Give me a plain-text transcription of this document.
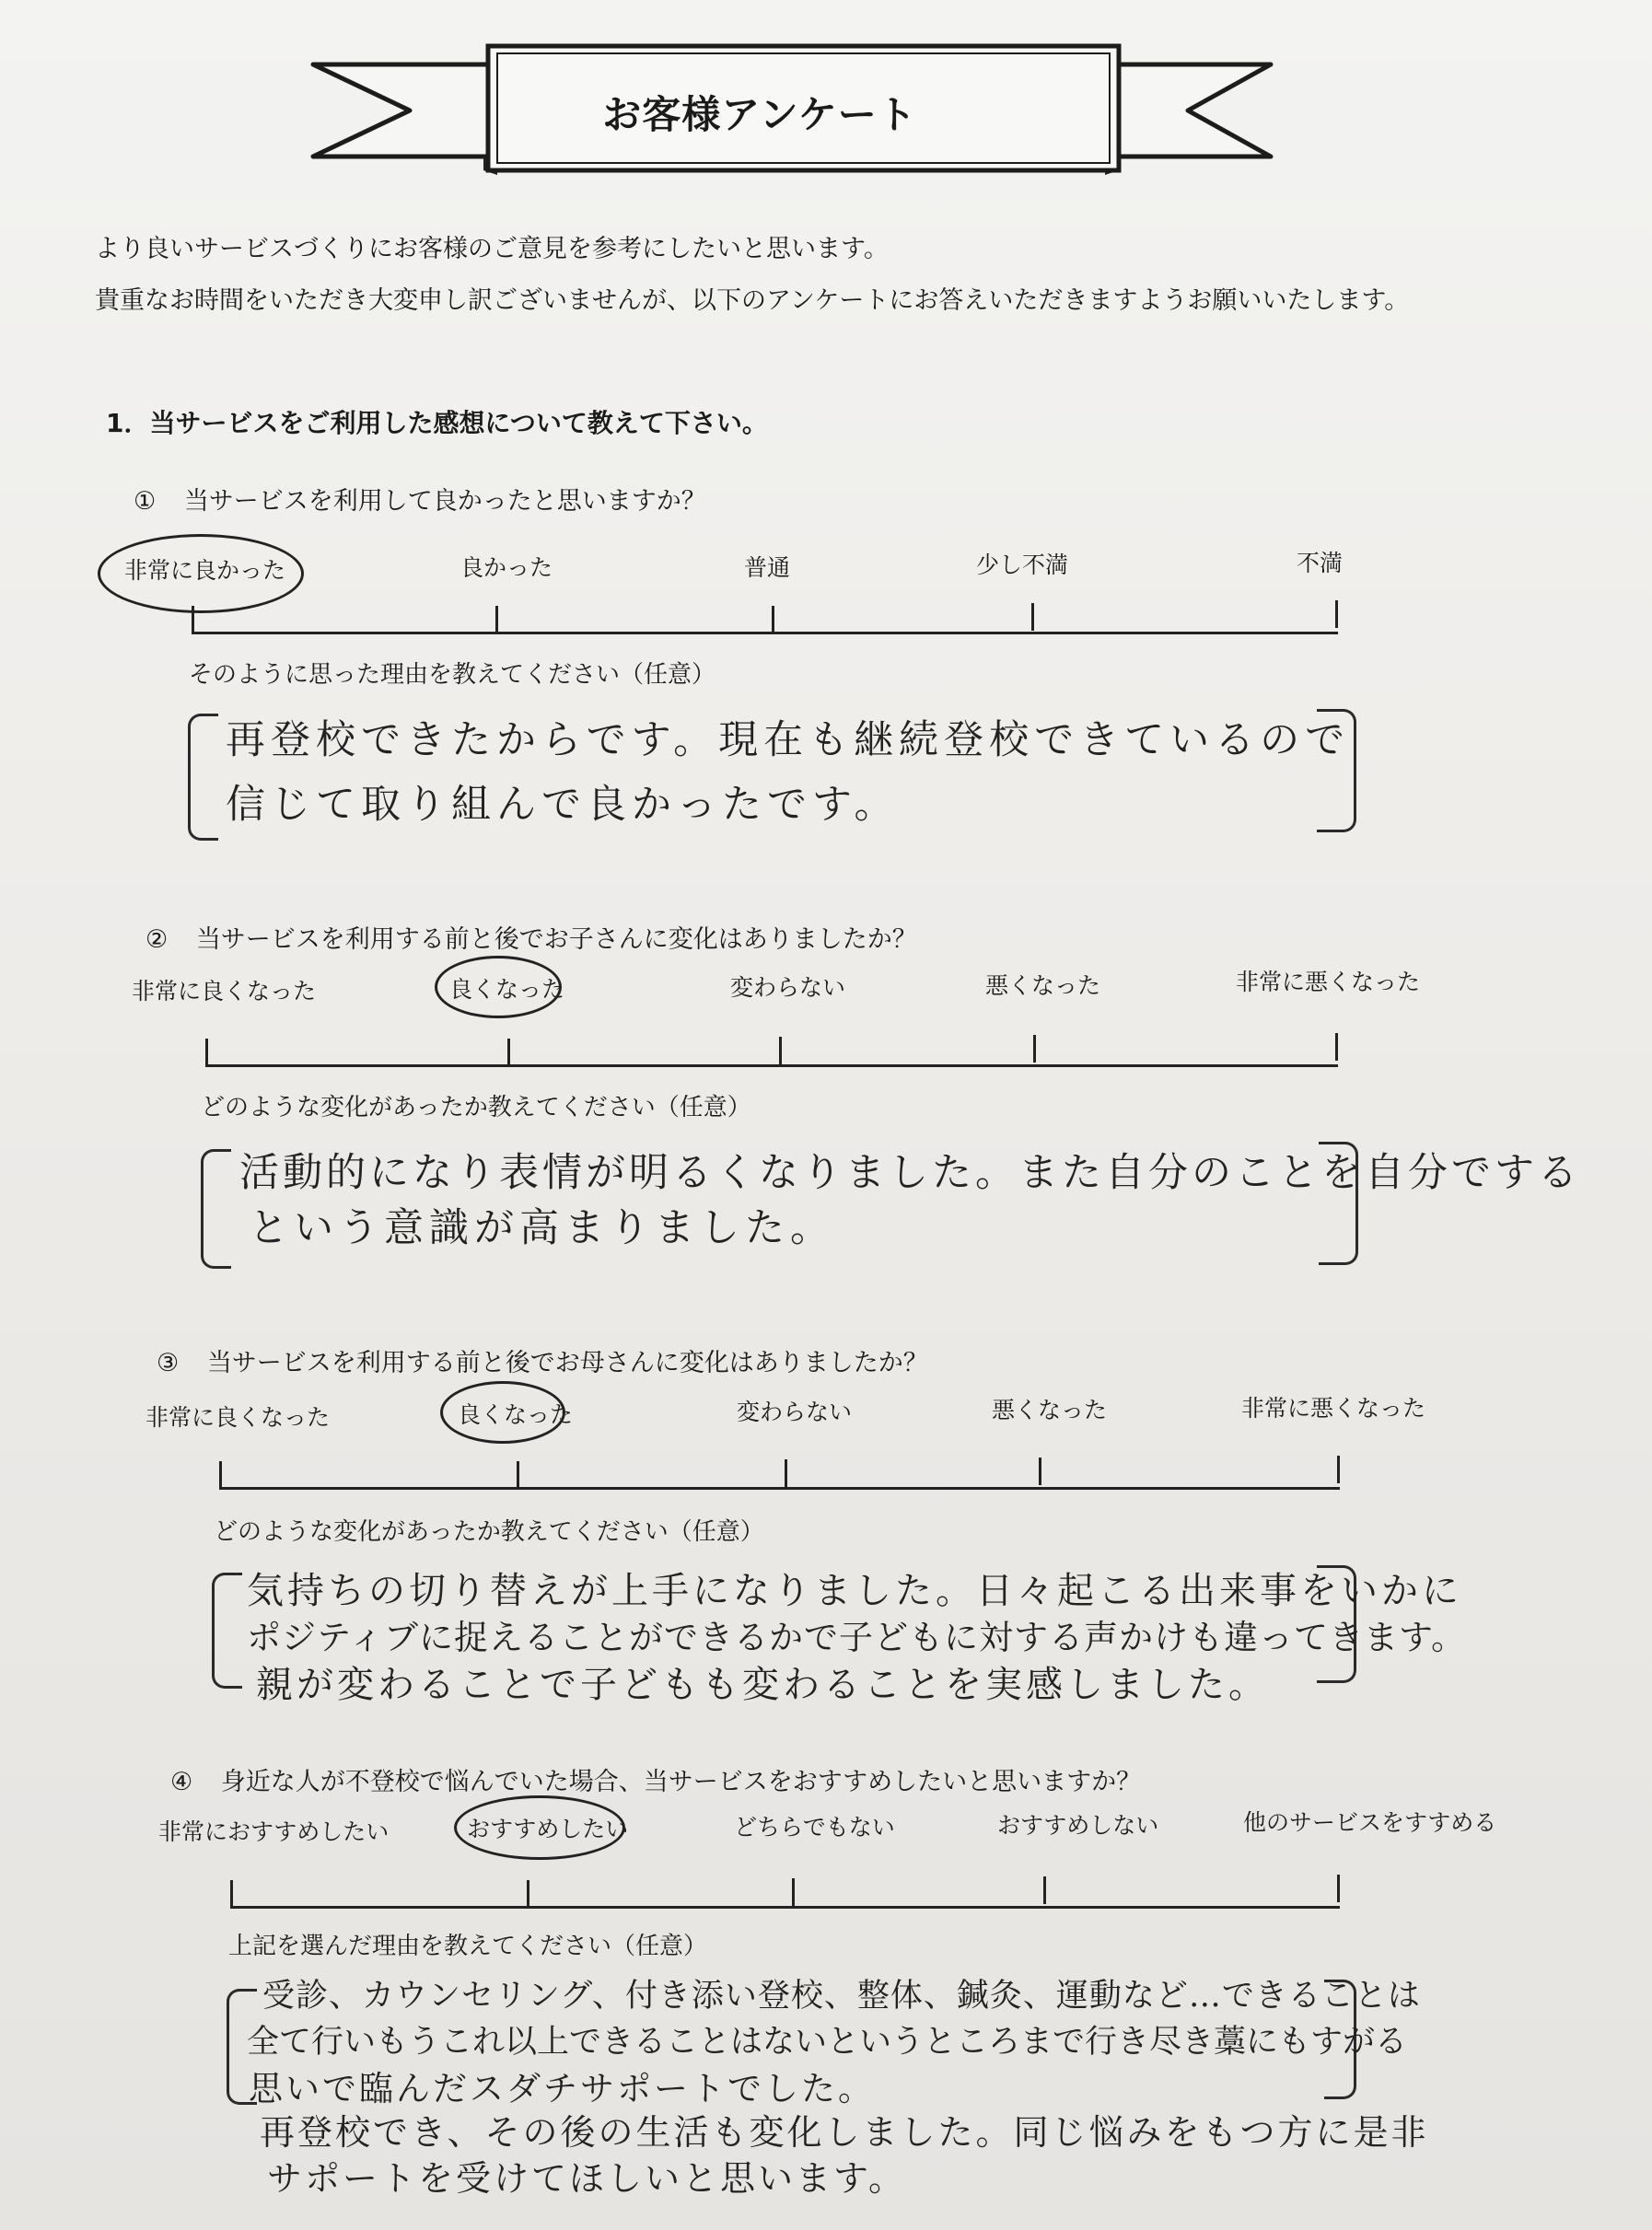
お客様アンケート
より良いサービスづくりにお客様のご意見を参考にしたいと思います。
貴重なお時間をいただき大変申し訳ございませんが、以下のアンケートにお答えいただきますようお願いいたします。
1．当サービスをご利用した感想について教えて下さい。
① 当サービスを利用して良かったと思いますか？
非常に良かった	良かった	普通	少し不満	不満
そのように思った理由を教えてください（任意）
再登校できたからです。現在も継続登校できているので
信じて取り組んで良かったです。
② 当サービスを利用する前と後でお子さんに変化はありましたか？
非常に良くなった	良くなった	変わらない	悪くなった	非常に悪くなった
どのような変化があったか教えてください（任意）
活動的になり表情が明るくなりました。また自分のことを自分でする
という意識が高まりました。
③ 当サービスを利用する前と後でお母さんに変化はありましたか？
非常に良くなった	良くなった	変わらない	悪くなった	非常に悪くなった
どのような変化があったか教えてください（任意）
気持ちの切り替えが上手になりました。日々起こる出来事をいかに
ポジティブに捉えることができるかで子どもに対する声かけも違ってきます。
親が変わることで子どもも変わることを実感しました。
④ 身近な人が不登校で悩んでいた場合、当サービスをおすすめしたいと思いますか？
非常におすすめしたい	おすすめしたい	どちらでもない	おすすめしない	他のサービスをすすめる
上記を選んだ理由を教えてください（任意）
受診、カウンセリング、付き添い登校、整体、鍼灸、運動など…できることは
全て行いもうこれ以上できることはないというところまで行き尽き藁にもすがる
思いで臨んだスダチサポートでした。
再登校でき、その後の生活も変化しました。同じ悩みをもつ方に是非
サポートを受けてほしいと思います。
